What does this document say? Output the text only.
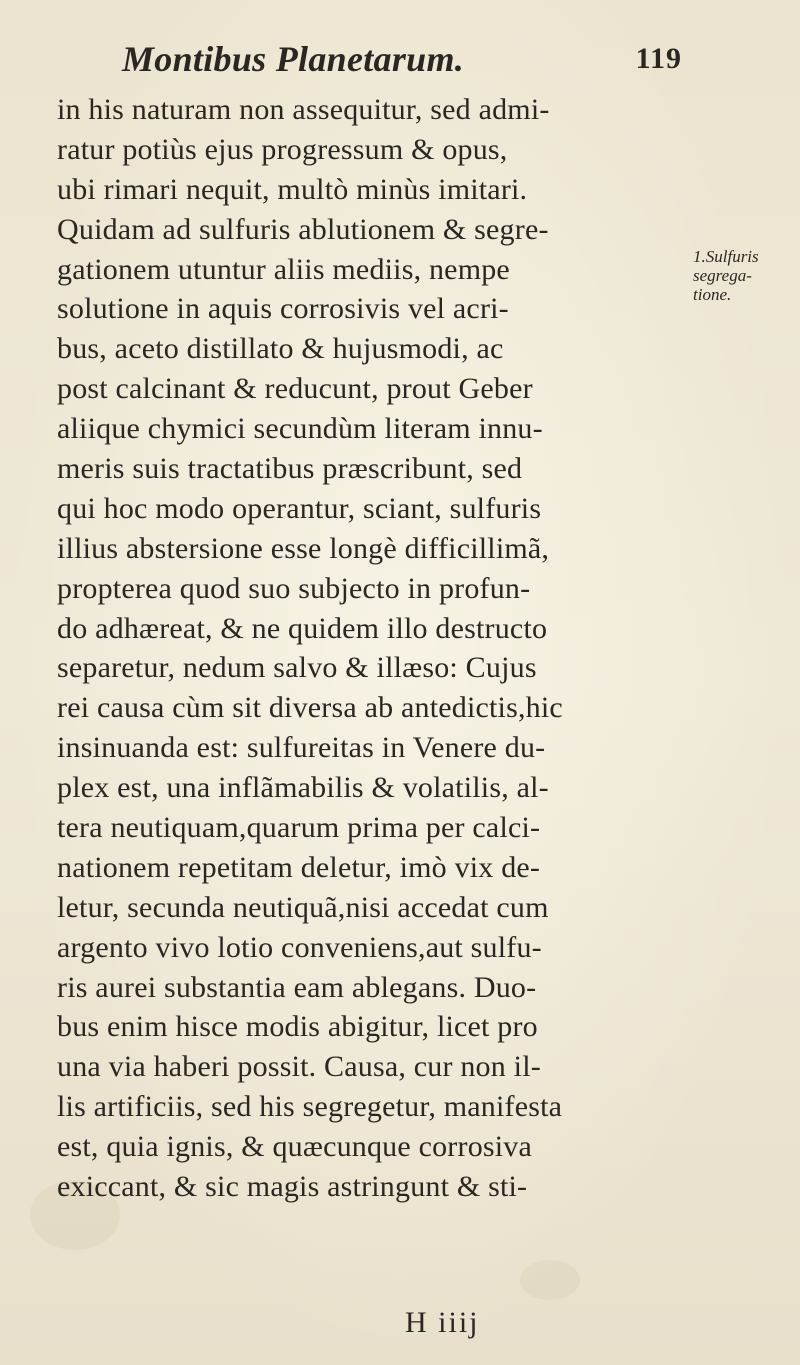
Montibus Planetarum.	119
in his naturam non assequitur, sed admi-
ratur potiùs ejus progressum & opus,
ubi rimari nequit, multò minùs imitari.
Quidam ad sulfuris ablutionem & segre-
gationem utuntur aliis mediis, nempe
solutione in aquis corrosivis vel acri-
bus, aceto distillato & hujusmodi, ac
post calcinant & reducunt, prout Geber
aliique chymici secundùm literam innu-
meris suis tractatibus præscribunt, sed
qui hoc modo operantur, sciant, sulfuris
illius abstersione esse longè difficillimã,
propterea quod suo subjecto in profun-
do adhæreat, & ne quidem illo destructo
separetur, nedum salvo & illæso: Cujus
rei causa cùm sit diversa ab antedictis,hic
insinuanda est: sulfureitas in Venere du-
plex est, una inflãmabilis & volatilis, al-
tera neutiquam,quarum prima per calci-
nationem repetitam deletur, imò vix de-
letur, secunda neutiquã,nisi accedat cum
argento vivo lotio conveniens,aut sulfu-
ris aurei substantia eam ablegans. Duo-
bus enim hisce modis abigitur, licet pro
una via haberi possit. Causa, cur non il-
lis artificiis, sed his segregetur, manifesta
est, quia ignis, & quæcunque corrosiva
exiccant, & sic magis astringunt & sti-
1.Sulfuris
segrega-
tione.
H iiij
